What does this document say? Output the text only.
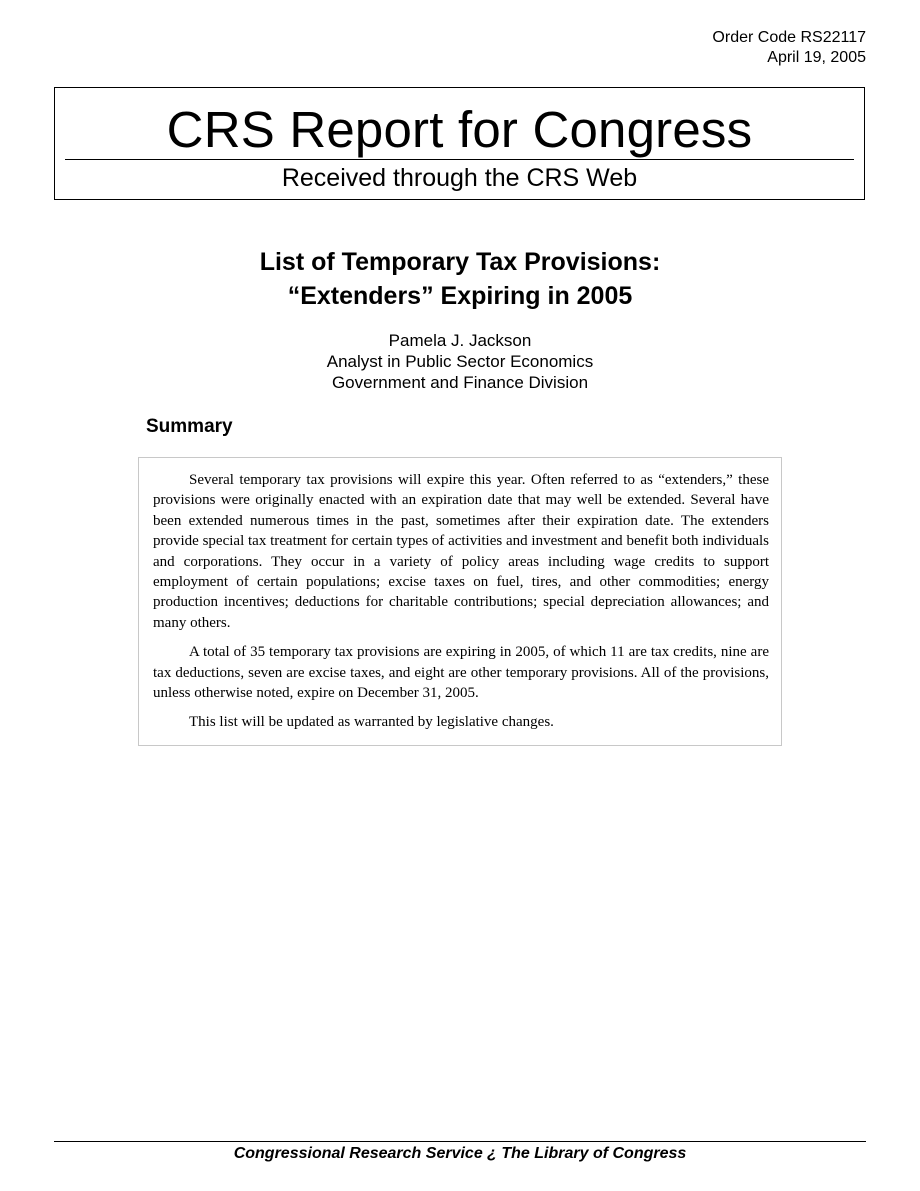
Order Code RS22117
April 19, 2005
CRS Report for Congress
Received through the CRS Web
List of Temporary Tax Provisions:
“Extenders” Expiring in 2005
Pamela J. Jackson
Analyst in Public Sector Economics
Government and Finance Division
Summary

Several temporary tax provisions will expire this year. Often referred to as “extenders,” these provisions were originally enacted with an expiration date that may well be extended. Several have been extended numerous times in the past, sometimes after their expiration date. The extenders provide special tax treatment for certain types of activities and investment and benefit both individuals and corporations. They occur in a variety of policy areas including wage credits to support employment of certain populations; excise taxes on fuel, tires, and other commodities; energy production incentives; deductions for charitable contributions; special depreciation allowances; and many others.

A total of 35 temporary tax provisions are expiring in 2005, of which 11 are tax credits, nine are tax deductions, seven are excise taxes, and eight are other temporary provisions. All of the provisions, unless otherwise noted, expire on December 31, 2005.

This list will be updated as warranted by legislative changes.

Congressional Research Service ¿ The Library of Congress
